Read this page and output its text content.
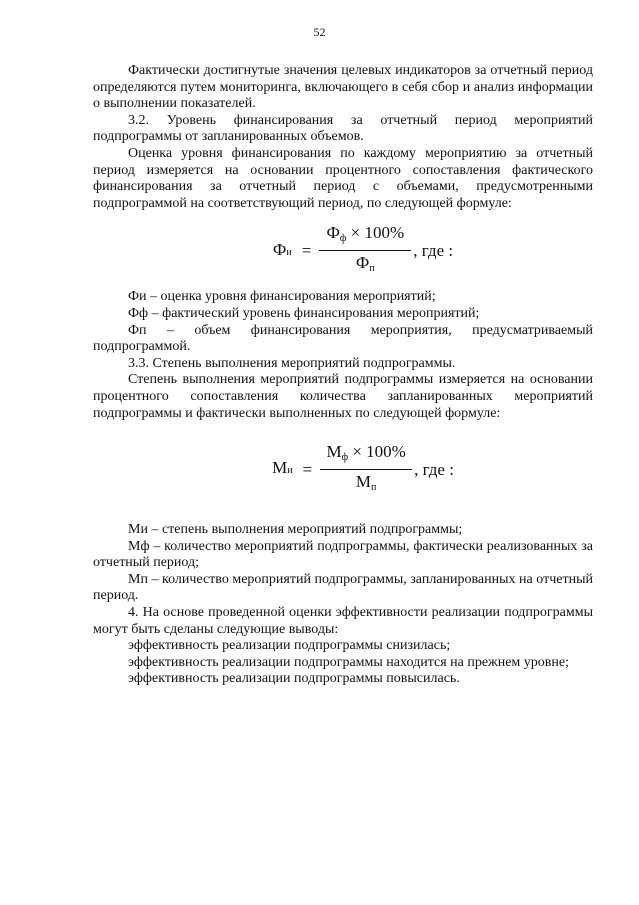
52

Фактически достигнутые значения целевых индикаторов за отчетный период определяются путем мониторинга, включающего в себя сбор и анализ информации о выполнении показателей.

3.2. Уровень финансирования за отчетный период мероприятий подпрограммы от запланированных объемов.

Оценка уровня финансирования по каждому мероприятию за отчетный период измеряется на основании процентного сопоставления фактического финансирования за отчетный период с объемами, предусмотренными подпрограммой на соответствующий период, по следующей формуле:

Ф $и = \frac{Ф_ф \times 100\%}{Ф_п}$ , где :

Фи – оценка уровня финансирования мероприятий;

Фф – фактический уровень финансирования мероприятий;

Фп – объем финансирования мероприятия, предусматриваемый подпрограммой.

3.3. Степень выполнения мероприятий подпрограммы.

Степень выполнения мероприятий подпрограммы измеряется на основании процентного сопоставления количества запланированных мероприятий подпрограммы и фактически выполненных по следующей формуле:

М $и = \frac{М_ф \times 100\%}{М_п}$ , где :

Ми – степень выполнения мероприятий подпрограммы;

Мф – количество мероприятий подпрограммы, фактически реализованных за отчетный период;

Мп – количество мероприятий подпрограммы, запланированных на отчетный период.

4. На основе проведенной оценки эффективности реализации подпрограммы могут быть сделаны следующие выводы:

эффективность реализации подпрограммы снизилась;

эффективность реализации подпрограммы находится на прежнем уровне;

эффективность реализации подпрограммы повысилась.
